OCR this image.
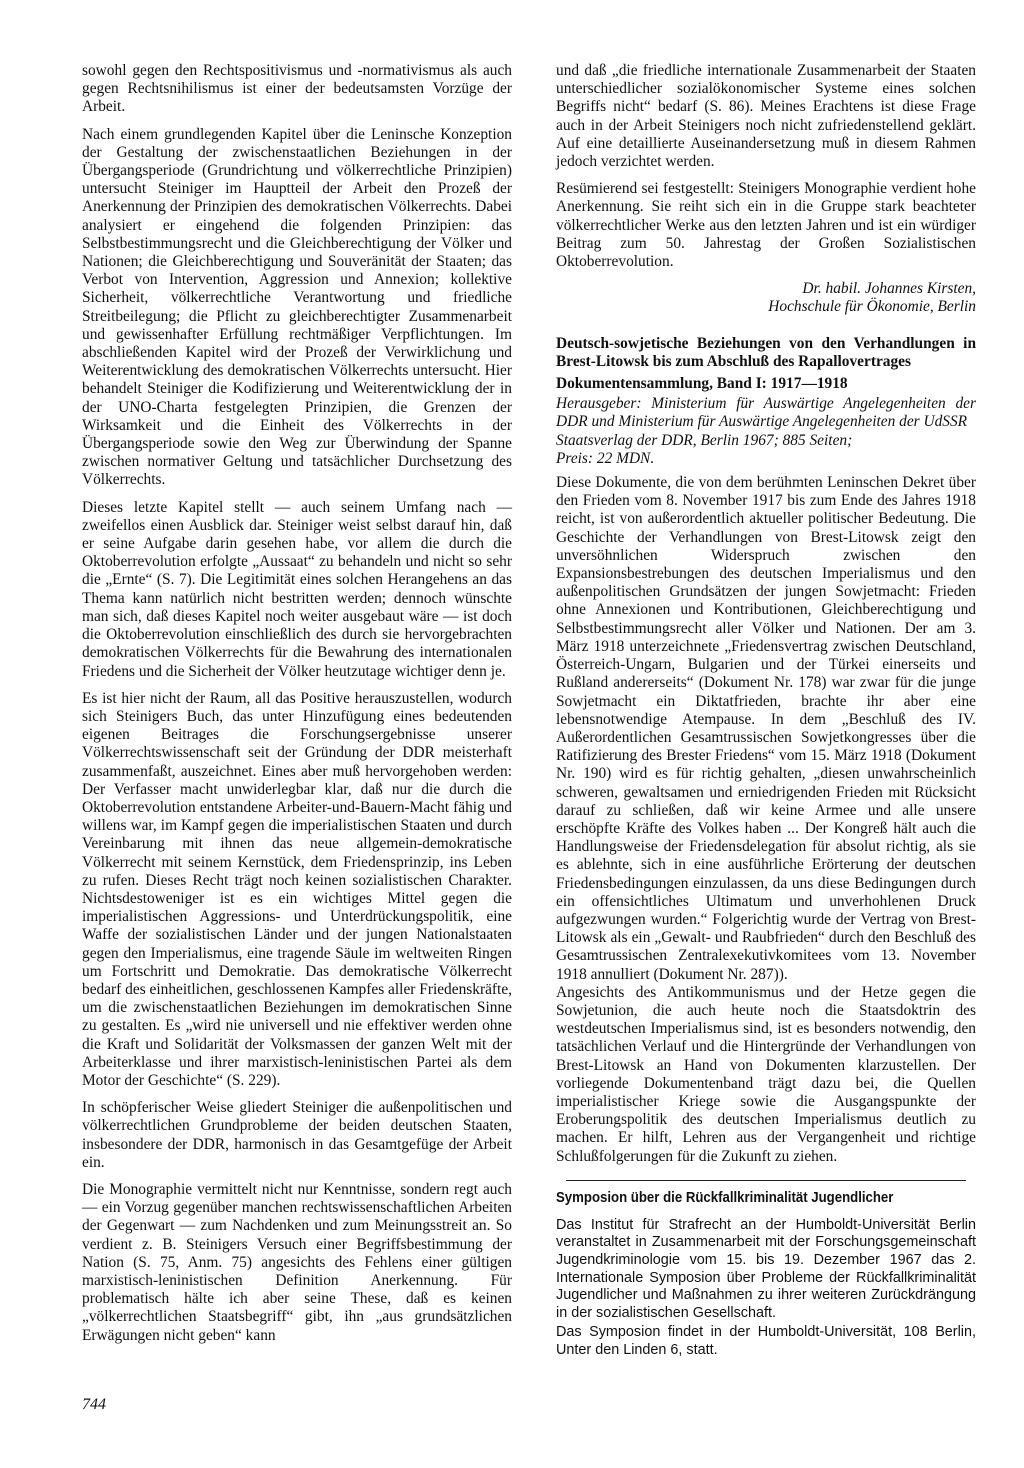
sowohl gegen den Rechtspositivismus und -normativismus als auch gegen Rechtsnihilismus ist einer der bedeutsamsten Vorzüge der Arbeit.

Nach einem grundlegenden Kapitel über die Leninsche Konzeption der Gestaltung der zwischenstaatlichen Beziehungen in der Übergangsperiode (Grundrichtung und völkerrechtliche Prinzipien) untersucht Steiniger im Hauptteil der Arbeit den Prozeß der Anerkennung der Prinzipien des demokratischen Völkerrechts. Dabei analysiert er eingehend die folgenden Prinzipien: das Selbstbestimmungsrecht und die Gleichberechtigung der Völker und Nationen; die Gleichberechtigung und Souveränität der Staaten; das Verbot von Intervention, Aggression und Annexion; kollektive Sicherheit, völkerrechtliche Verantwortung und friedliche Streitbeilegung; die Pflicht zu gleichberechtigter Zusammenarbeit und gewissenhafter Erfüllung rechtmäßiger Verpflichtungen. Im abschließenden Kapitel wird der Prozeß der Verwirklichung und Weiterentwicklung des demokratischen Völkerrechts untersucht. Hier behandelt Steiniger die Kodifizierung und Weiterentwicklung der in der UNO-Charta festgelegten Prinzipien, die Grenzen der Wirksamkeit und die Einheit des Völkerrechts in der Übergangsperiode sowie den Weg zur Überwindung der Spanne zwischen normativer Geltung und tatsächlicher Durchsetzung des Völkerrechts.

Dieses letzte Kapitel stellt — auch seinem Umfang nach — zweifellos einen Ausblick dar. Steiniger weist selbst darauf hin, daß er seine Aufgabe darin gesehen habe, vor allem die durch die Oktoberrevolution erfolgte „Aussaat“ zu behandeln und nicht so sehr die „Ernte“ (S. 7). Die Legitimität eines solchen Herangehens an das Thema kann natürlich nicht bestritten werden; dennoch wünschte man sich, daß dieses Kapitel noch weiter ausgebaut wäre — ist doch die Oktoberrevolution einschließlich des durch sie hervorgebrachten demokratischen Völkerrechts für die Bewahrung des internationalen Friedens und die Sicherheit der Völker heutzutage wichtiger denn je.

Es ist hier nicht der Raum, all das Positive herauszustellen, wodurch sich Steinigers Buch, das unter Hinzufügung eines bedeutenden eigenen Beitrages die Forschungsergebnisse unserer Völkerrechtswissenschaft seit der Gründung der DDR meisterhaft zusammenfaßt, auszeichnet. Eines aber muß hervorgehoben werden: Der Verfasser macht unwiderlegbar klar, daß nur die durch die Oktoberrevolution entstandene Arbeiter-und-Bauern-Macht fähig und willens war, im Kampf gegen die imperialistischen Staaten und durch Vereinbarung mit ihnen das neue allgemein-demokratische Völkerrecht mit seinem Kernstück, dem Friedensprinzip, ins Leben zu rufen. Dieses Recht trägt noch keinen sozialistischen Charakter. Nichtsdestoweniger ist es ein wichtiges Mittel gegen die imperialistischen Aggressions- und Unterdrückungspolitik, eine Waffe der sozialistischen Länder und der jungen Nationalstaaten gegen den Imperialismus, eine tragende Säule im weltweiten Ringen um Fortschritt und Demokratie. Das demokratische Völkerrecht bedarf des einheitlichen, geschlossenen Kampfes aller Friedenskräfte, um die zwischenstaatlichen Beziehungen im demokratischen Sinne zu gestalten. Es „wird nie universell und nie effektiver werden ohne die Kraft und Solidarität der Volksmassen der ganzen Welt mit der Arbeiterklasse und ihrer marxistisch-leninistischen Partei als dem Motor der Geschichte“ (S. 229).

In schöpferischer Weise gliedert Steiniger die außenpolitischen und völkerrechtlichen Grundprobleme der beiden deutschen Staaten, insbesondere der DDR, harmonisch in das Gesamtgefüge der Arbeit ein.

Die Monographie vermittelt nicht nur Kenntnisse, sondern regt auch — ein Vorzug gegenüber manchen rechtswissenschaftlichen Arbeiten der Gegenwart — zum Nachdenken und zum Meinungsstreit an. So verdient z. B. Steinigers Versuch einer Begriffsbestimmung der Nation (S. 75, Anm. 75) angesichts des Fehlens einer gültigen marxistisch-leninistischen Definition Anerkennung. Für problematisch hälte ich aber seine These, daß es keinen „völkerrechtlichen Staatsbegriff“ gibt, ihn „aus grundsätzlichen Erwägungen nicht geben“ kann

und daß „die friedliche internationale Zusammenarbeit der Staaten unterschiedlicher sozialökonomischer Systeme eines solchen Begriffs nicht“ bedarf (S. 86). Meines Erachtens ist diese Frage auch in der Arbeit Steinigers noch nicht zufriedenstellend geklärt. Auf eine detaillierte Auseinandersetzung muß in diesem Rahmen jedoch verzichtet werden.

Resümierend sei festgestellt: Steinigers Monographie verdient hohe Anerkennung. Sie reiht sich ein in die Gruppe stark beachteter völkerrechtlicher Werke aus den letzten Jahren und ist ein würdiger Beitrag zum 50. Jahrestag der Großen Sozialistischen Oktoberrevolution.

Dr. habil. Johannes Kirsten,
Hochschule für Ökonomie, Berlin
Deutsch-sowjetische Beziehungen von den Verhandlungen in Brest-Litowsk bis zum Abschluß des Rapallovertrages
Dokumentensammlung, Band I: 1917—1918
Herausgeber: Ministerium für Auswärtige Angelegenheiten der DDR und Ministerium für Auswärtige Angelegenheiten der UdSSR
Staatsverlag der DDR, Berlin 1967; 885 Seiten;
Preis: 22 MDN.

Diese Dokumente, die von dem berühmten Leninschen Dekret über den Frieden vom 8. November 1917 bis zum Ende des Jahres 1918 reicht, ist von außerordentlich aktueller politischer Bedeutung. Die Geschichte der Verhandlungen von Brest-Litowsk zeigt den unversöhnlichen Widerspruch zwischen den Expansionsbestrebungen des deutschen Imperialismus und den außenpolitischen Grundsätzen der jungen Sowjetmacht: Frieden ohne Annexionen und Kontributionen, Gleichberechtigung und Selbstbestimmungsrecht aller Völker und Nationen. Der am 3. März 1918 unterzeichnete „Friedensvertrag zwischen Deutschland, Österreich-Ungarn, Bulgarien und der Türkei einerseits und Rußland andererseits“ (Dokument Nr. 178) war zwar für die junge Sowjetmacht ein Diktatfrieden, brachte ihr aber eine lebensnotwendige Atempause. In dem „Beschluß des IV. Außerordentlichen Gesamtrussischen Sowjetkongresses über die Ratifizierung des Brester Friedens“ vom 15. März 1918 (Dokument Nr. 190) wird es für richtig gehalten, „diesen unwahrscheinlich schweren, gewaltsamen und erniedrigenden Frieden mit Rücksicht darauf zu schließen, daß wir keine Armee und alle unsere erschöpfte Kräfte des Volkes haben ... Der Kongreß hält auch die Handlungsweise der Friedensdelegation für absolut richtig, als sie es ablehnte, sich in eine ausführliche Erörterung der deutschen Friedensbedingungen einzulassen, da uns diese Bedingungen durch ein offensichtliches Ultimatum und unverhohlenen Druck aufgezwungen wurden.“ Folgerichtig wurde der Vertrag von Brest-Litowsk als ein „Gewalt- und Raubfrieden“ durch den Beschluß des Gesamtrussischen Zentralexekutivkomitees vom 13. November 1918 annulliert (Dokument Nr. 287)).

Angesichts des Antikommunismus und der Hetze gegen die Sowjetunion, die auch heute noch die Staatsdoktrin des westdeutschen Imperialismus sind, ist es besonders notwendig, den tatsächlichen Verlauf und die Hintergründe der Verhandlungen von Brest-Litowsk an Hand von Dokumenten klarzustellen. Der vorliegende Dokumentenband trägt dazu bei, die Quellen imperialistischer Kriege sowie die Ausgangspunkte der Eroberungspolitik des deutschen Imperialismus deutlich zu machen. Er hilft, Lehren aus der Vergangenheit und richtige Schlußfolgerungen für die Zukunft zu ziehen.

Symposion über die Rückfallkriminalität Jugendlicher

Das Institut für Strafrecht an der Humboldt-Universität Berlin veranstaltet in Zusammenarbeit mit der Forschungsgemeinschaft Jugendkriminologie vom 15. bis 19. Dezember 1967 das 2. Internationale Symposion über Probleme der Rückfallkriminalität Jugendlicher und Maßnahmen zu ihrer weiteren Zurückdrängung in der sozialistischen Gesellschaft.

Das Symposion findet in der Humboldt-Universität, 108 Berlin, Unter den Linden 6, statt.

744
